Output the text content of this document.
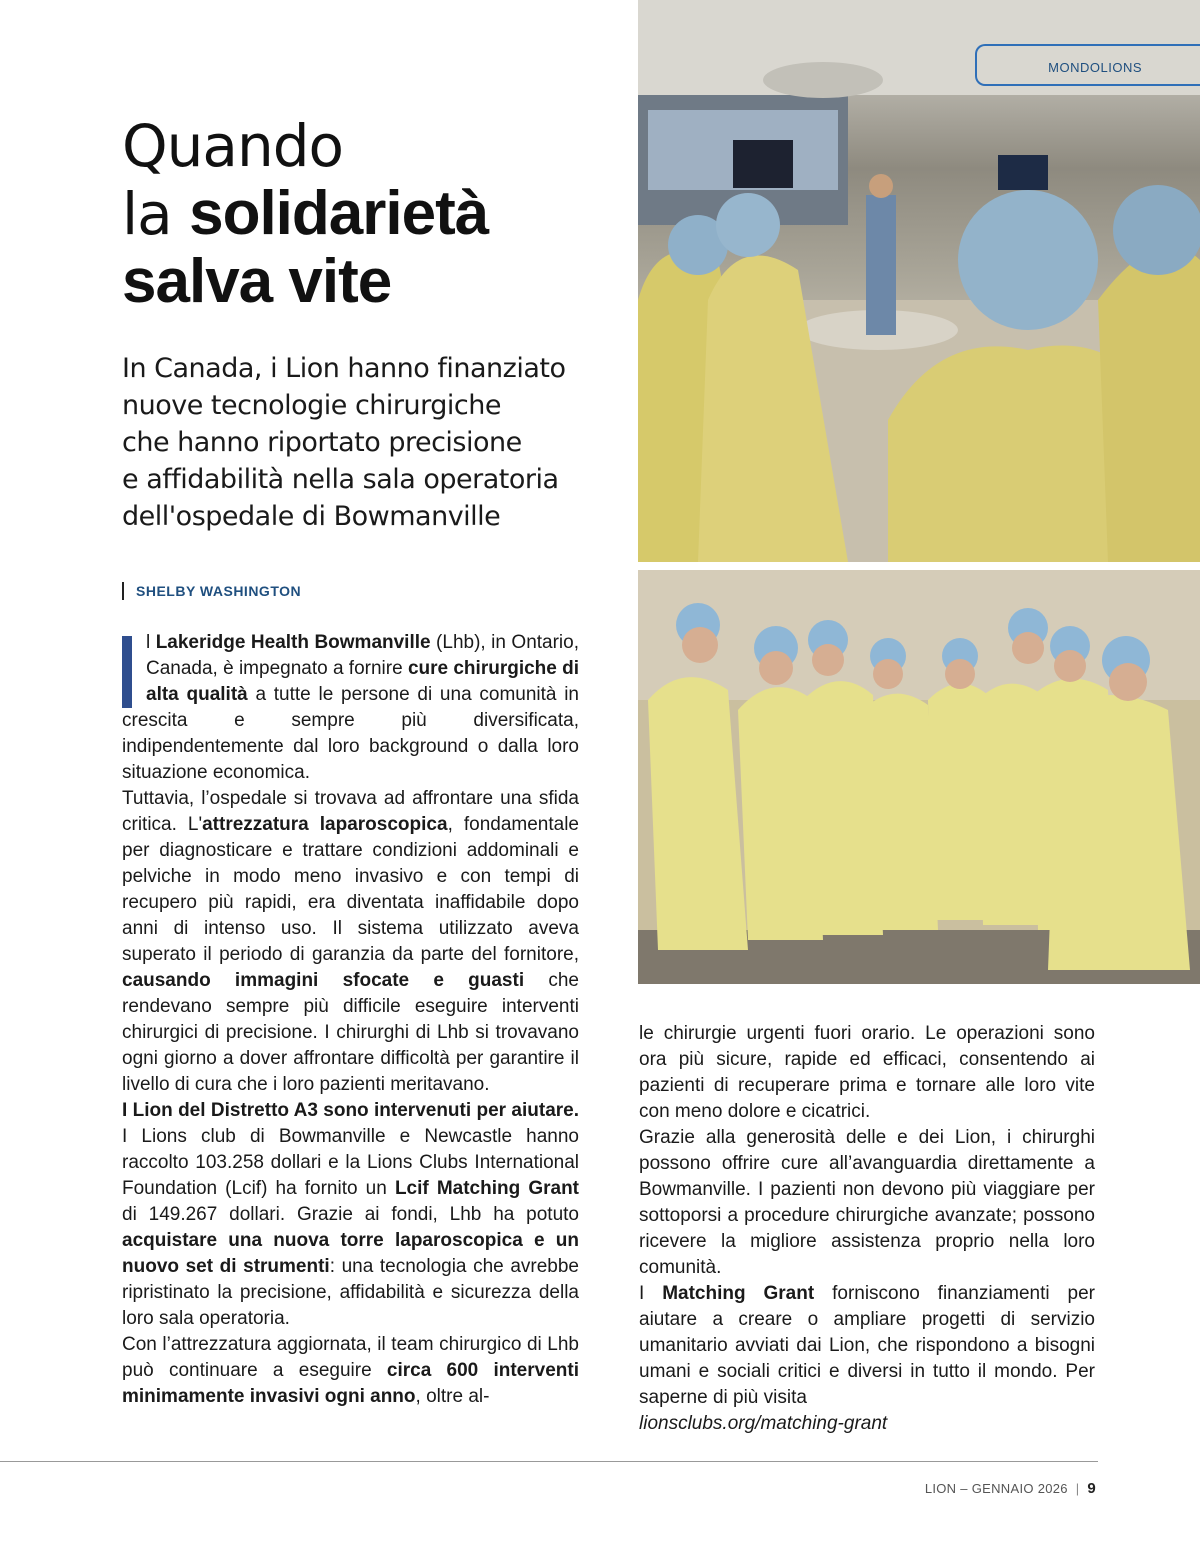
MONDOLIONS
Quando
la solidarietà
salva vite
In Canada, i Lion hanno finanziato
nuove tecnologie chirurgiche
che hanno riportato precisione
e affidabilità nella sala operatoria
dell'ospedale di Bowmanville
SHELBY WASHINGTON

l Lakeridge Health Bowmanville (Lhb), in Ontario, Canada, è impegnato a fornire cure chirurgiche di alta qualità a tutte le persone di una comunità in crescita e sempre più diversificata, indipendentemente dal loro background o dalla loro situazione economica.

Tuttavia, l’ospedale si trovava ad affrontare una sfida critica. L'attrezzatura laparoscopica, fondamentale per diagnosticare e trattare condizioni addominali e pelviche in modo meno invasivo e con tempi di recupero più rapidi, era diventata inaffidabile dopo anni di intenso uso. Il sistema utilizzato aveva superato il periodo di garanzia da parte del fornitore, causando immagini sfocate e guasti che rendevano sempre più difficile eseguire interventi chirurgici di precisione. I chirurghi di Lhb si trovavano ogni giorno a dover affrontare difficoltà per garantire il livello di cura che i loro pazienti meritavano.

I Lion del Distretto A3 sono intervenuti per aiutare. I Lions club di Bowmanville e Newcastle hanno raccolto 103.258 dollari e la Lions Clubs International Foundation (Lcif) ha fornito un Lcif Matching Grant di 149.267 dollari. Grazie ai fondi, Lhb ha potuto acquistare una nuova torre laparoscopica e un nuovo set di strumenti: una tecnologia che avrebbe ripristinato la precisione, affidabilità e sicurezza della loro sala operatoria.

Con l’attrezzatura aggiornata, il team chirurgico di Lhb può continuare a eseguire circa 600 interventi minimamente invasivi ogni anno, oltre al-

le chirurgie urgenti fuori orario. Le operazioni sono ora più sicure, rapide ed efficaci, consentendo ai pazienti di recuperare prima e tornare alle loro vite con meno dolore e cicatrici.

Grazie alla generosità delle e dei Lion, i chirurghi possono offrire cure all’avanguardia direttamente a Bowmanville. I pazienti non devono più viaggiare per sottoporsi a procedure chirurgiche avanzate; possono ricevere la migliore assistenza proprio nella loro comunità.

I Matching Grant forniscono finanziamenti per aiutare a creare o ampliare progetti di servizio umanitario avviati dai Lion, che rispondono a bisogni umani e sociali critici e diversi in tutto il mondo. Per saperne di più visita

lionsclubs.org/matching-grant
LION – GENNAIO 2026 | 9
